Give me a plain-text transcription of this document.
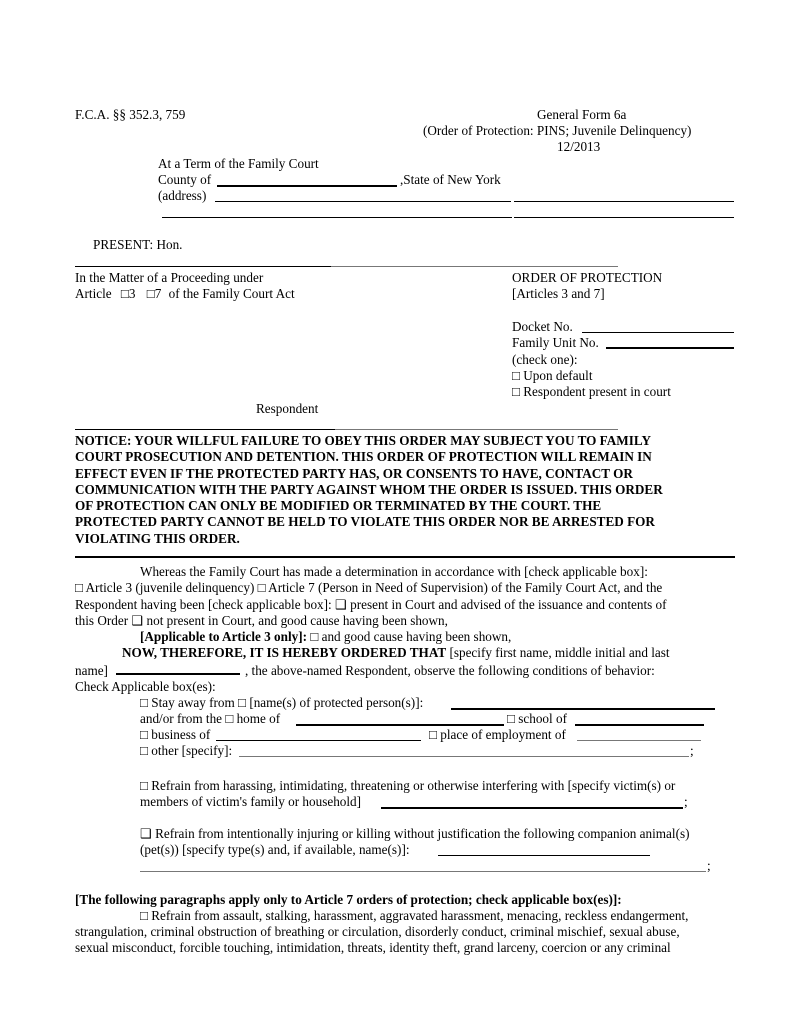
F.C.A. §§ 352.3, 759	General Form 6a
(Order of Protection: PINS; Juvenile Delinquency)
12/2013
At a Term of the Family Court
County of	,State of New York
(address)
PRESENT: Hon.
In the Matter of a Proceeding under
Article □3 □7 of the Family Court Act
Respondent
ORDER OF PROTECTION
[Articles 3 and 7]
Docket No.
Family Unit No.
(check one):
□ Upon default
□ Respondent present in court

NOTICE: YOUR WILLFUL FAILURE TO OBEY THIS ORDER MAY SUBJECT YOU TO FAMILY

COURT PROSECUTION AND DETENTION. THIS ORDER OF PROTECTION WILL REMAIN IN

EFFECT EVEN IF THE PROTECTED PARTY HAS, OR CONSENTS TO HAVE, CONTACT OR

COMMUNICATION WITH THE PARTY AGAINST WHOM THE ORDER IS ISSUED. THIS ORDER

OF PROTECTION CAN ONLY BE MODIFIED OR TERMINATED BY THE COURT. THE

PROTECTED PARTY CANNOT BE HELD TO VIOLATE THIS ORDER NOR BE ARRESTED FOR

VIOLATING THIS ORDER.

Whereas the Family Court has made a determination in accordance with [check applicable box]:

□ Article 3 (juvenile delinquency) □ Article 7 (Person in Need of Supervision) of the Family Court Act, and the

Respondent having been [check applicable box]: ❑ present in Court and advised of the issuance and contents of

this Order ❑ not present in Court, and good cause having been shown,

[Applicable to Article 3 only]: □ and good cause having been shown,

NOW, THEREFORE, IT IS HEREBY ORDERED THAT [specify first name, middle initial and last

name]	, the above-named Respondent, observe the following conditions of behavior:

Check Applicable box(es):

□ Stay away from □ [name(s) of protected person(s)]:
and/or from the □ home of	□ school of
□ business of	□ place of employment of
□ other [specify]:	;
□ Refrain from harassing, intimidating, threatening or otherwise interfering with [specify victim(s) or
members of victim's family or household]	;
❑ Refrain from intentionally injuring or killing without justification the following companion animal(s)
(pet(s)) [specify type(s) and, if available, name(s)]:
;
[The following paragraphs apply only to Article 7 orders of protection; check applicable box(es)]:
□ Refrain from assault, stalking, harassment, aggravated harassment, menacing, reckless endangerment,
strangulation, criminal obstruction of breathing or circulation, disorderly conduct, criminal mischief, sexual abuse,
sexual misconduct, forcible touching, intimidation, threats, identity theft, grand larceny, coercion or any criminal
